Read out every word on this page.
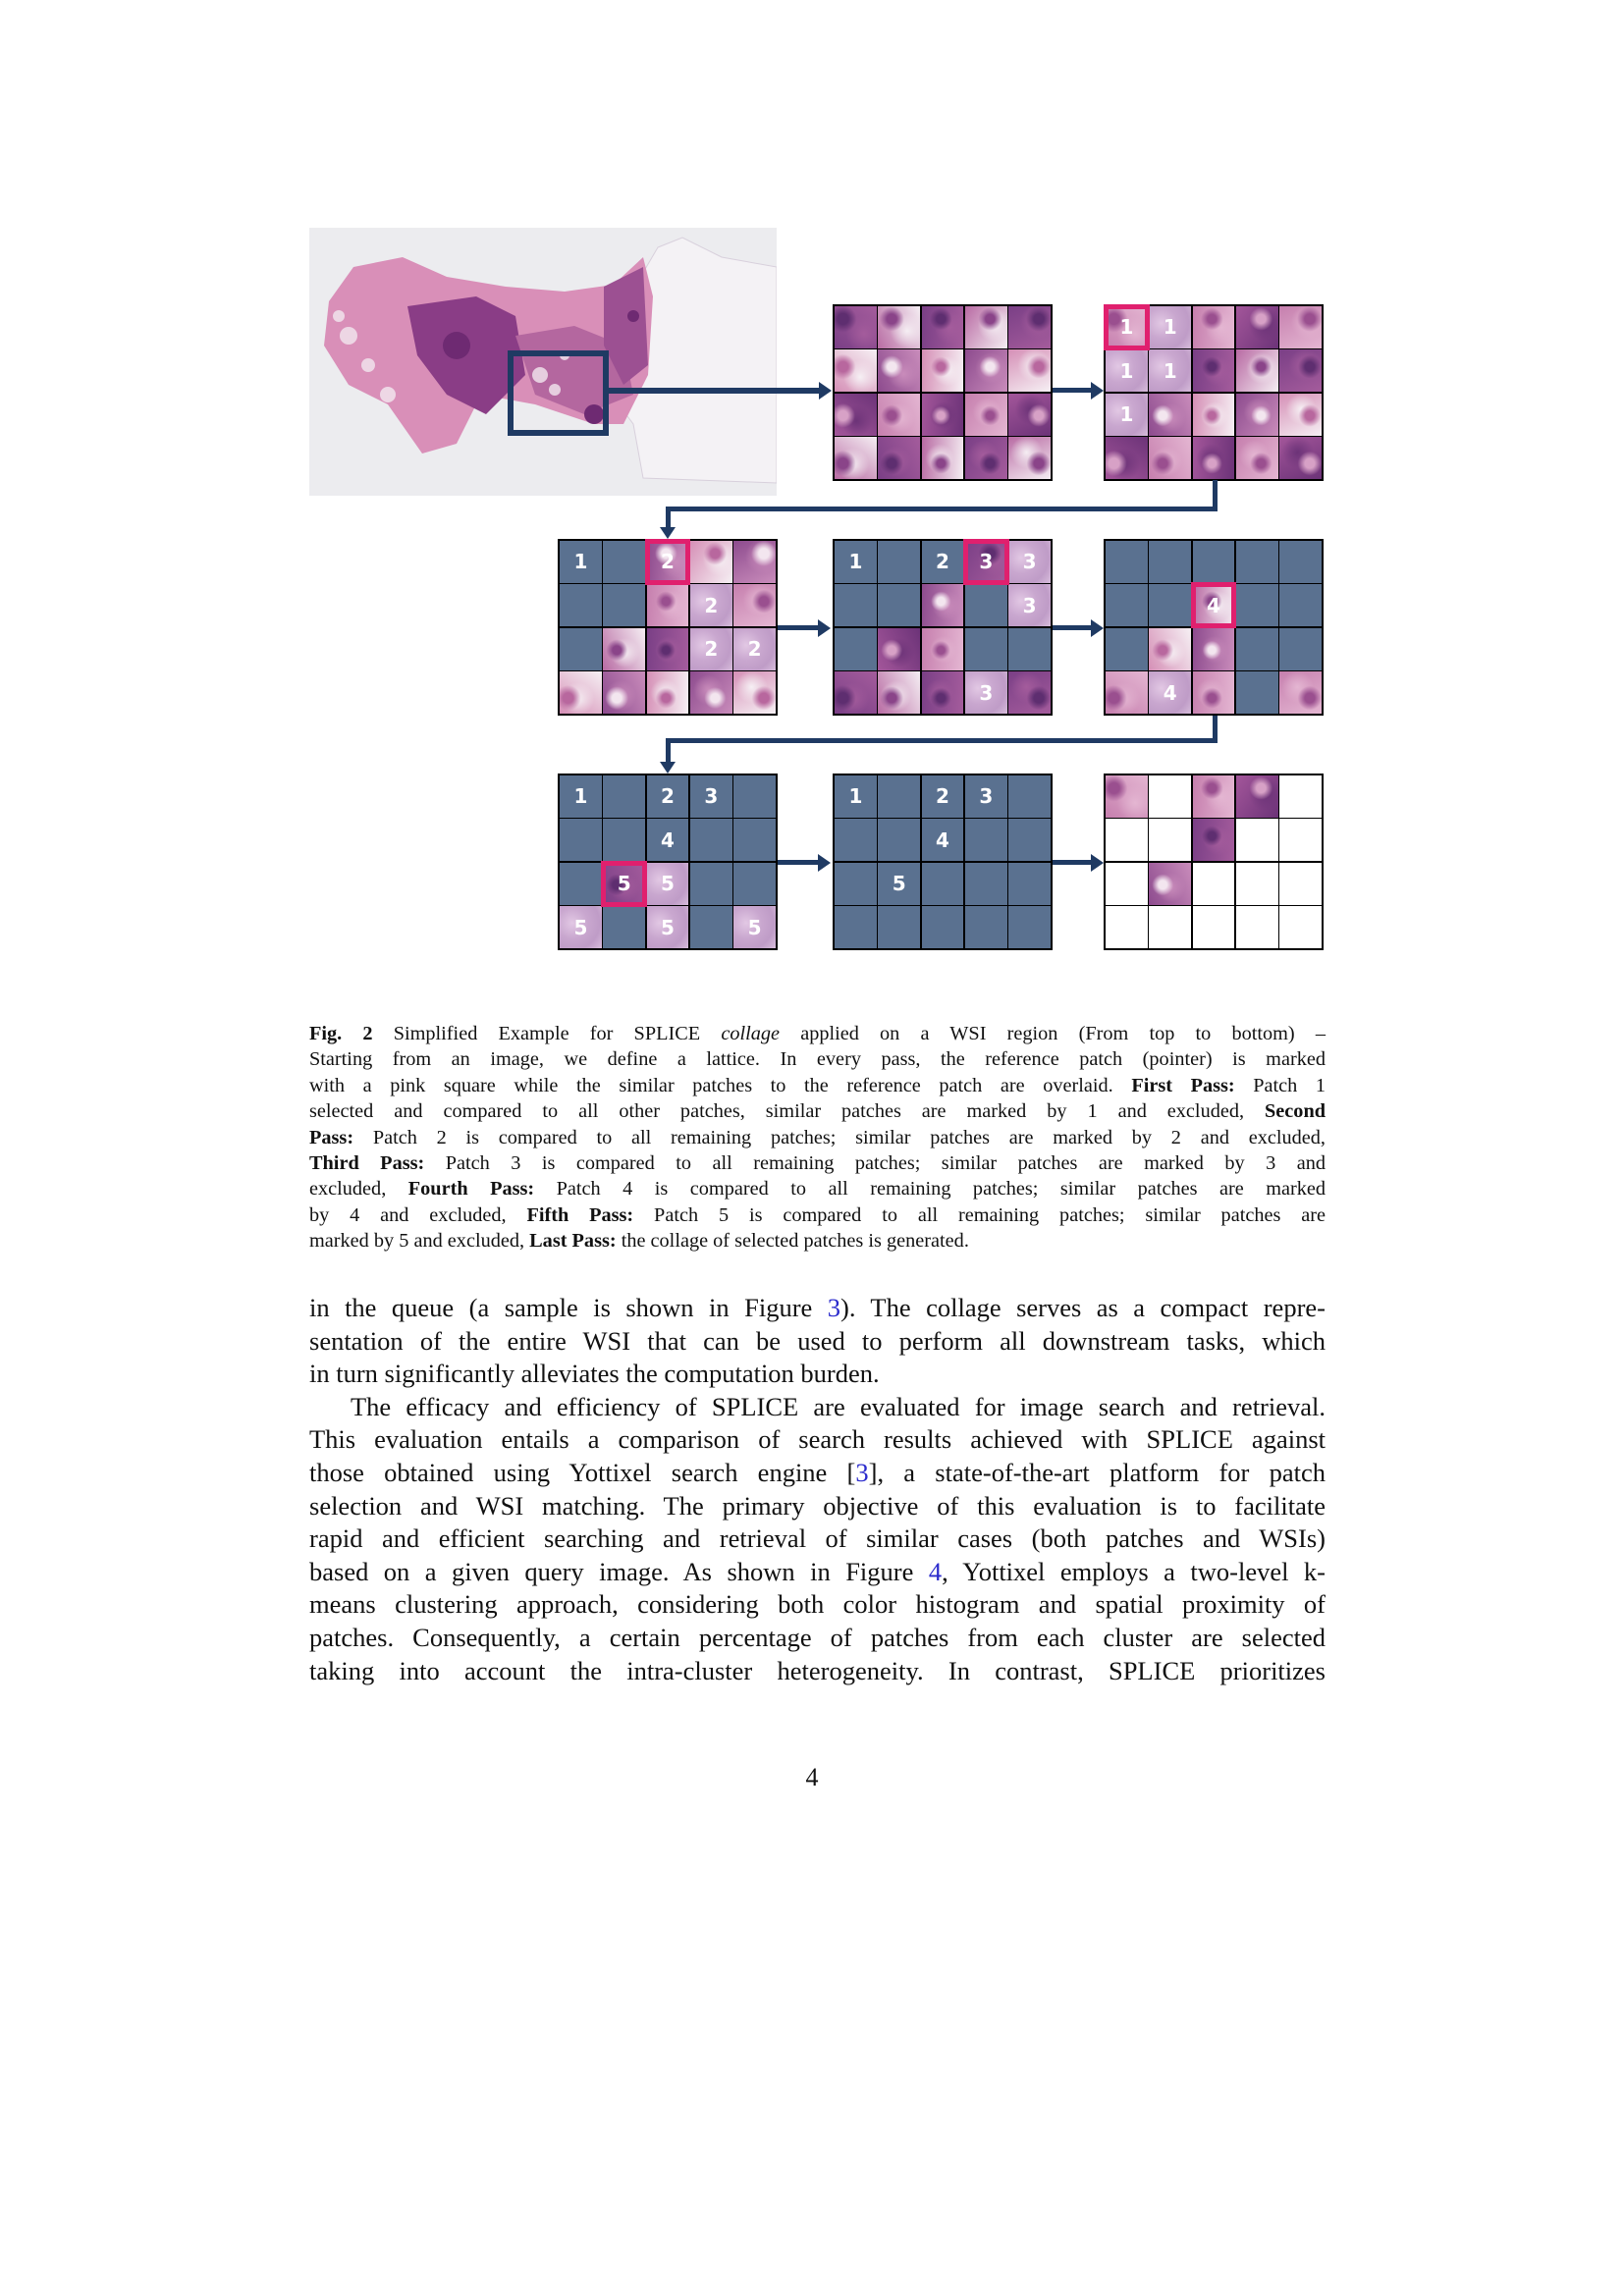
1 1
1 1
1
1	2
2
2 2
1	2 3 3
3
3
4
4
1	2 3
4
5 5
5	5	5
1	2 3
4
5
Fig. 2 Simplified Example for SPLICE collage applied on a WSI region (From top to bottom) –
Starting from an image, we define a lattice. In every pass, the reference patch (pointer) is marked
with a pink square while the similar patches to the reference patch are overlaid. First Pass: Patch 1
selected and compared to all other patches, similar patches are marked by 1 and excluded, Second
Pass: Patch 2 is compared to all remaining patches; similar patches are marked by 2 and excluded,
Third Pass: Patch 3 is compared to all remaining patches; similar patches are marked by 3 and
excluded, Fourth Pass: Patch 4 is compared to all remaining patches; similar patches are marked
by 4 and excluded, Fifth Pass: Patch 5 is compared to all remaining patches; similar patches are
marked by 5 and excluded, Last Pass: the collage of selected patches is generated.
in the queue (a sample is shown in Figure 3). The collage serves as a compact repre-
sentation of the entire WSI that can be used to perform all downstream tasks, which
in turn significantly alleviates the computation burden.
The efficacy and efficiency of SPLICE are evaluated for image search and retrieval.
This evaluation entails a comparison of search results achieved with SPLICE against
those obtained using Yottixel search engine [3], a state-of-the-art platform for patch
selection and WSI matching. The primary objective of this evaluation is to facilitate
rapid and efficient searching and retrieval of similar cases (both patches and WSIs)
based on a given query image. As shown in Figure 4, Yottixel employs a two-level k-
means clustering approach, considering both color histogram and spatial proximity of
patches. Consequently, a certain percentage of patches from each cluster are selected
taking into account the intra-cluster heterogeneity. In contrast, SPLICE prioritizes
4
